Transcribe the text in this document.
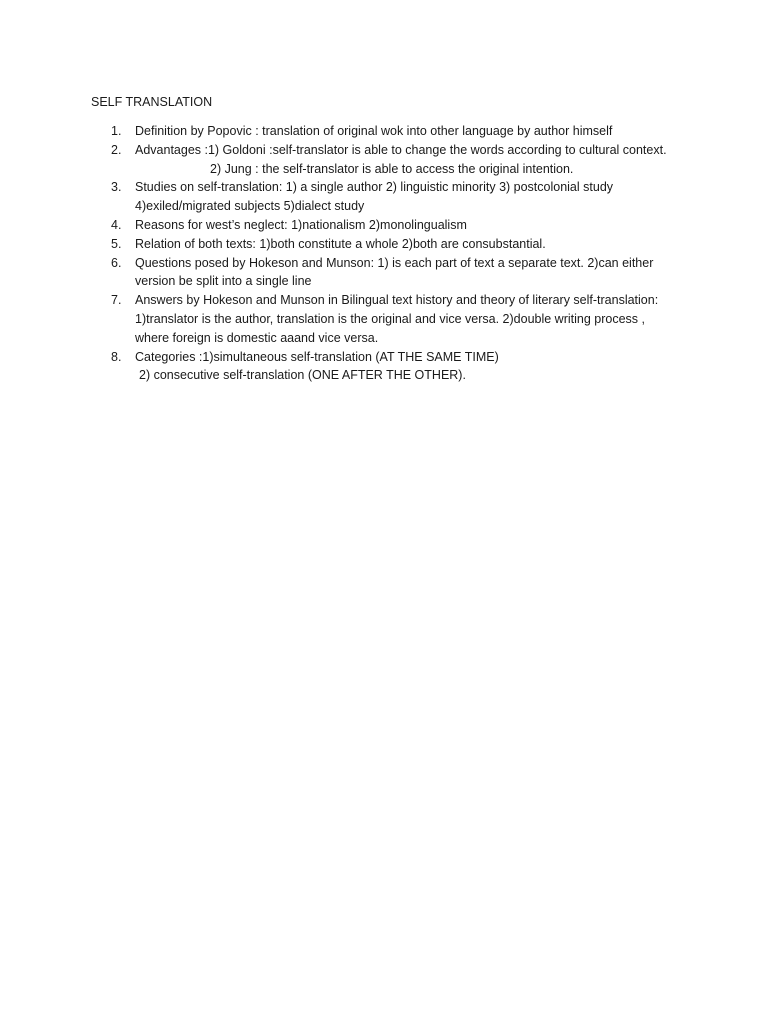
SELF TRANSLATION
1.	Definition by Popovic : translation of original wok into other language by author himself
2.	Advantages :1) Goldoni :self-translator is able to change the words according to cultural context.
2) Jung : the self-translator is able to access the original intention.
3.	Studies on self-translation: 1) a single author 2) linguistic minority 3) postcolonial study
4)exiled/migrated subjects 5)dialect study
4.	Reasons for west’s neglect: 1)nationalism 2)monolingualism
5.	Relation of both texts: 1)both constitute a whole 2)both are consubstantial.
6.	Questions posed by Hokeson and Munson: 1) is each part of text a separate text. 2)can either
version be split into a single line
7.	Answers by Hokeson and Munson in Bilingual text history and theory of literary self-translation:
1)translator is the author, translation is the original and vice versa. 2)double writing process ,
where foreign is domestic aaand vice versa.
8.	Categories :1)simultaneous self-translation (AT THE SAME TIME)
2) consecutive self-translation (ONE AFTER THE OTHER).
